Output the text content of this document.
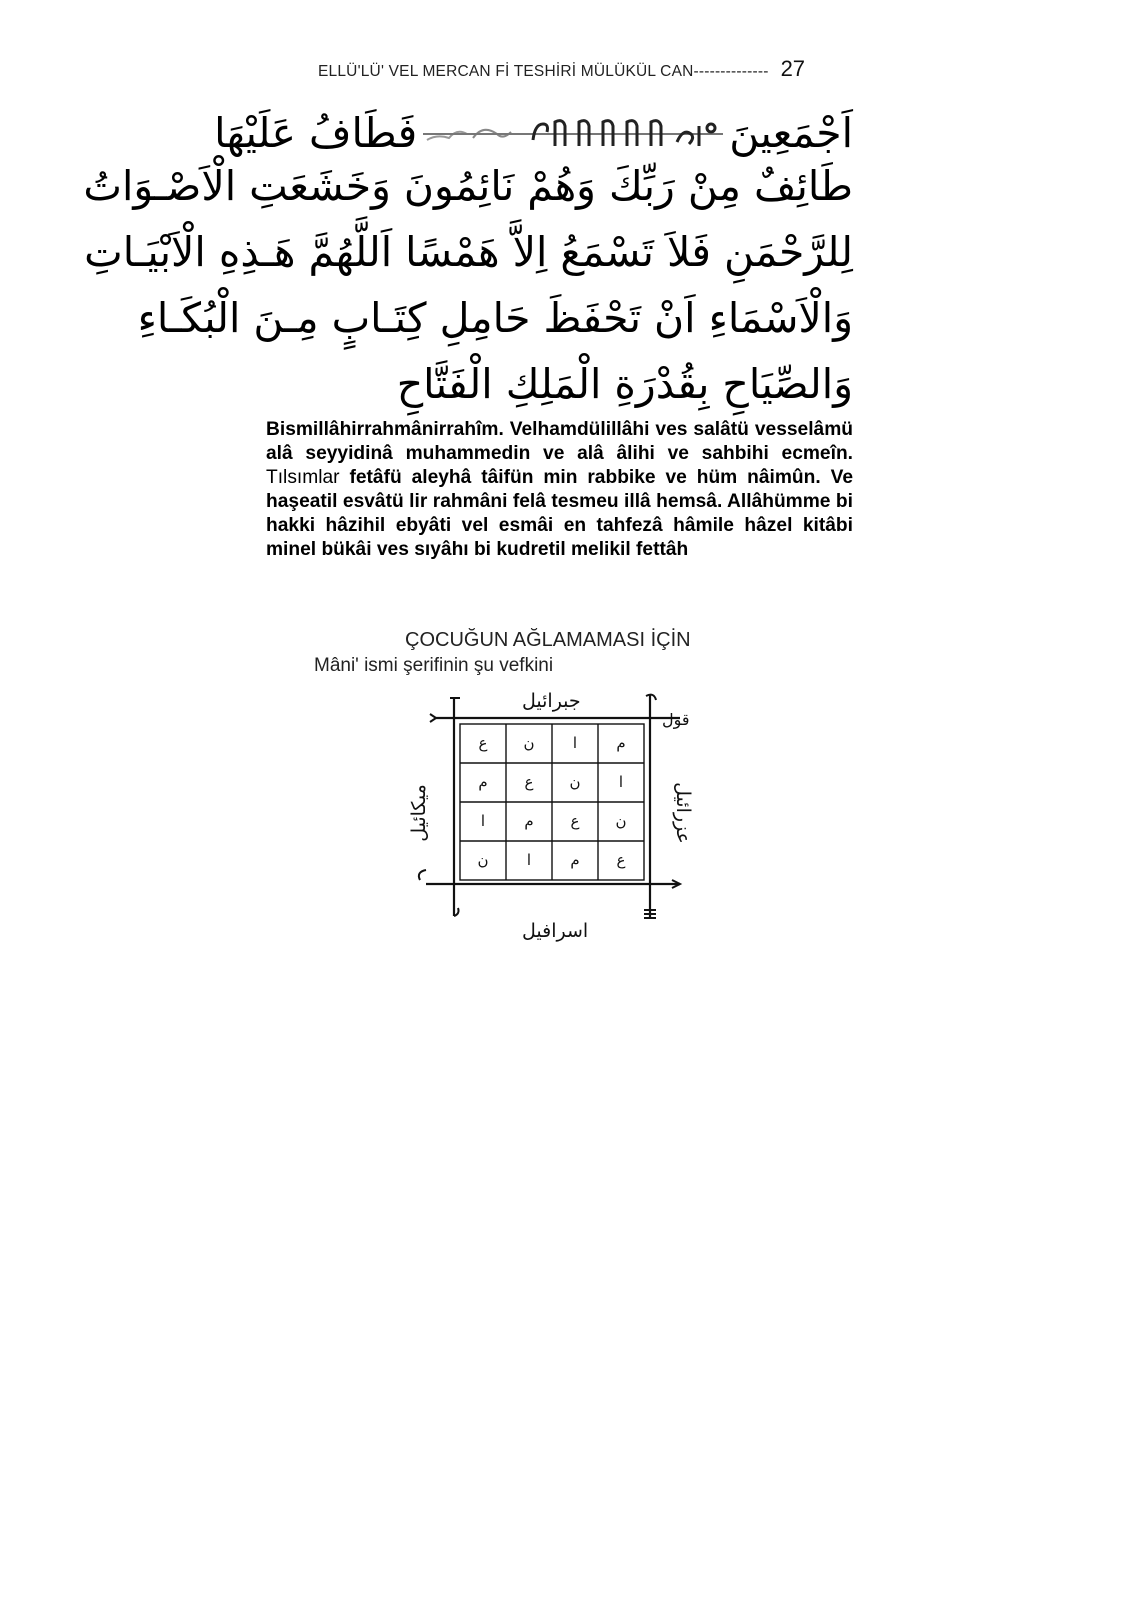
ELLÜ'LÜ' VEL MERCAN Fİ TESHİRİ MÜLÜKÜL CAN-------------- 27
اَجْمَعِينَ
فَطَافُ عَلَيْهَا
طَائِفٌ مِنْ رَبِّكَ وَهُمْ نَائِمُونَ وَخَشَعَتِ الْاَصْـوَاتُ
لِلرَّحْمَنِ فَلاَ تَسْمَعُ اِلاَّ هَمْسًا اَللَّهُمَّ هَـذِهِ الْاَبْيَـاتِ
وَالْاَسْمَاءِ اَنْ تَحْفَظَ حَامِلِ كِتَـابٍ مِـنَ الْبُكَـاءِ
وَالصِّيَاحِ بِقُدْرَةِ الْمَلِكِ الْفَتَّاحِ
Bismillâhirrahmânirrahîm. Velhamdülillâhi ves salâtü vesselâmü alâ seyyidinâ muhammedin ve alâ âlihi ve sahbihi ecmeîn. Tılsımlar fetâfü aleyhâ tâifün min rabbike ve hüm nâimûn. Ve haşeatil esvâtü lir rahmâni felâ tesmeu illâ hemsâ. Allâhümme bi hakki hâzihil ebyâti vel esmâi en tahfezâ hâmile hâzel kitâbi minel bükâi ves sıyâhı bi kudretil melikil fettâh
ÇOCUĞUN AĞLAMAMASI İÇİN
Mâni' ismi şerifinin şu vefkini
جبرائيل
عزرائيل
ميكائيل
اسرافيل
قول
ع	ن	ا	م
م	ع	ن	ا
ا	م	ع	ن
ن	ا	م	ع
